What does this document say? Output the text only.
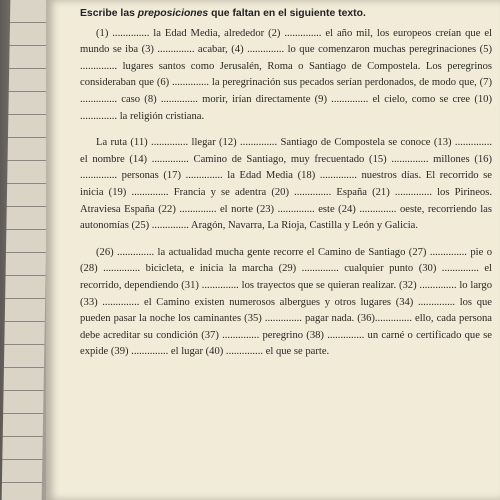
Escribe las preposiciones que faltan en el siguiente texto.

(1) .............. la Edad Media, alrededor (2) .............. el año mil, los europeos creían que el mundo se iba (3) .............. acabar, (4) .............. lo que comenzaron muchas peregrinaciones (5) .............. lugares santos como Jerusalén, Roma o Santiago de Compostela. Los peregrinos consideraban que (6) .............. la peregrinación sus pecados serían perdonados, de modo que, (7) .............. caso (8) .............. morir, irían directamente (9) .............. el cielo, como se cree (10) .............. la religión cristiana.

La ruta (11) .............. llegar (12) .............. Santiago de Compostela se conoce (13) .............. el nombre (14) .............. Camino de Santiago, muy frecuentado (15) .............. millones (16) .............. personas (17) .............. la Edad Media (18) .............. nuestros días. El recorrido se inicia (19) .............. Francia y se adentra (20) .............. España (21) .............. los Pirineos. Atraviesa España (22) .............. el norte (23) .............. este (24) .............. oeste, recorriendo las autonomías (25) .............. Aragón, Navarra, La Rioja, Castilla y León y Galicia.

(26) .............. la actualidad mucha gente recorre el Camino de Santiago (27) .............. pie o (28) .............. bicicleta, e inicia la marcha (29) .............. cualquier punto (30) .............. el recorrido, dependiendo (31) .............. los trayectos que se quieran realizar. (32) .............. lo largo (33) .............. el Camino existen numerosos albergues y otros lugares (34) .............. los que pueden pasar la noche los caminantes (35) .............. pagar nada. (36).............. ello, cada persona debe acreditar su condición (37) .............. peregrino (38) .............. un carné o certificado que se expide (39) .............. el lugar (40) .............. el que se parte.
